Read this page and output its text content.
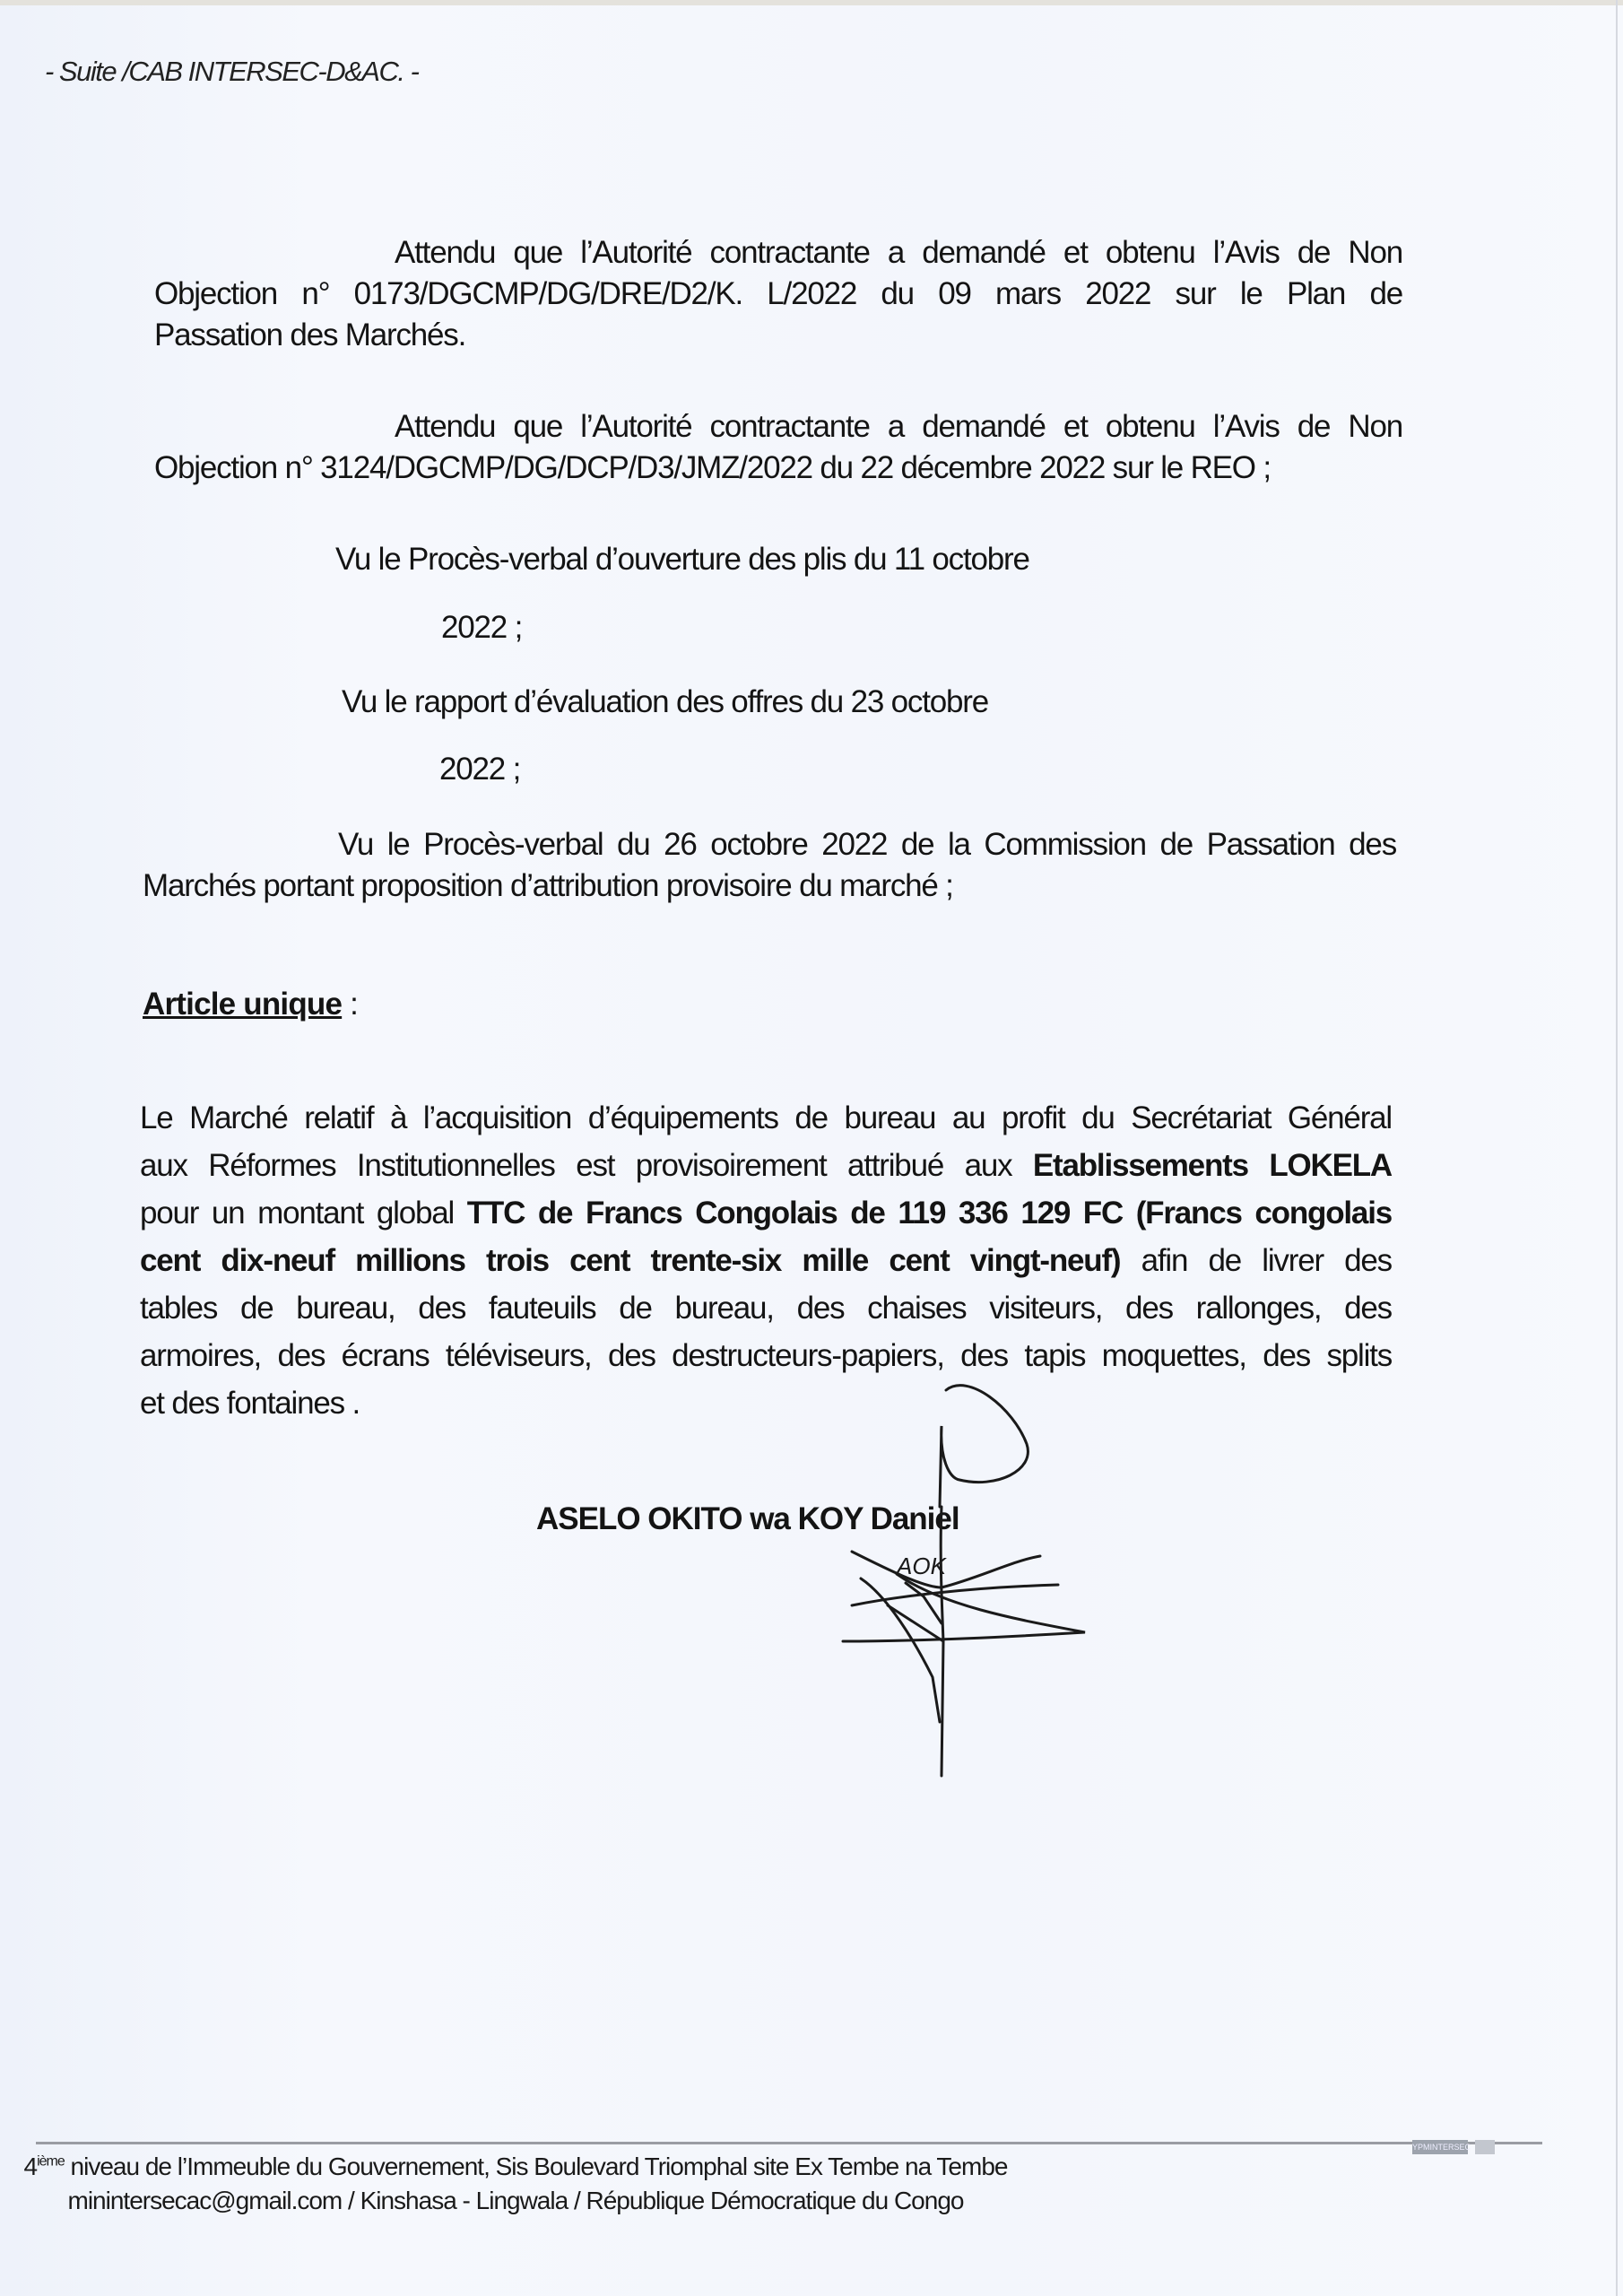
- Suite /CAB INTERSEC-D&AC. -
Attendu que l’Autorité contractante a demandé et obtenu l’Avis de Non
Objection n° 0173/DGCMP/DG/DRE/D2/K. L/2022 du 09 mars 2022 sur le Plan de
Passation des Marchés.
Attendu que l’Autorité contractante a demandé et obtenu l’Avis de Non
Objection n° 3124/DGCMP/DG/DCP/D3/JMZ/2022 du 22 décembre 2022 sur le REO ;
Vu le Procès-verbal d’ouverture des plis du 11 octobre
2022 ;
Vu le rapport d’évaluation des offres du 23 octobre
2022 ;
Vu le Procès-verbal du 26 octobre 2022 de la Commission de Passation des
Marchés portant proposition d’attribution provisoire du marché ;
Article unique :
Le Marché relatif à l’acquisition d’équipements de bureau au profit du Secrétariat Général
aux Réformes Institutionnelles est provisoirement attribué aux Etablissements LOKELA
pour un montant global TTC de Francs Congolais de 119 336 129 FC (Francs congolais
cent dix-neuf millions trois cent trente-six mille cent vingt-neuf) afin de livrer des
tables de bureau, des fauteuils de bureau, des chaises visiteurs, des rallonges, des
armoires, des écrans téléviseurs, des destructeurs-papiers, des tapis moquettes, des splits
et des fontaines .
ASELO OKITO wa KOY Daniel
AOK
YPMINTERSEC
4ième niveau de l’Immeuble du Gouvernement, Sis Boulevard Triomphal site Ex Tembe na Tembe
minintersecac@gmail.com / Kinshasa - Lingwala / République Démocratique du Congo
